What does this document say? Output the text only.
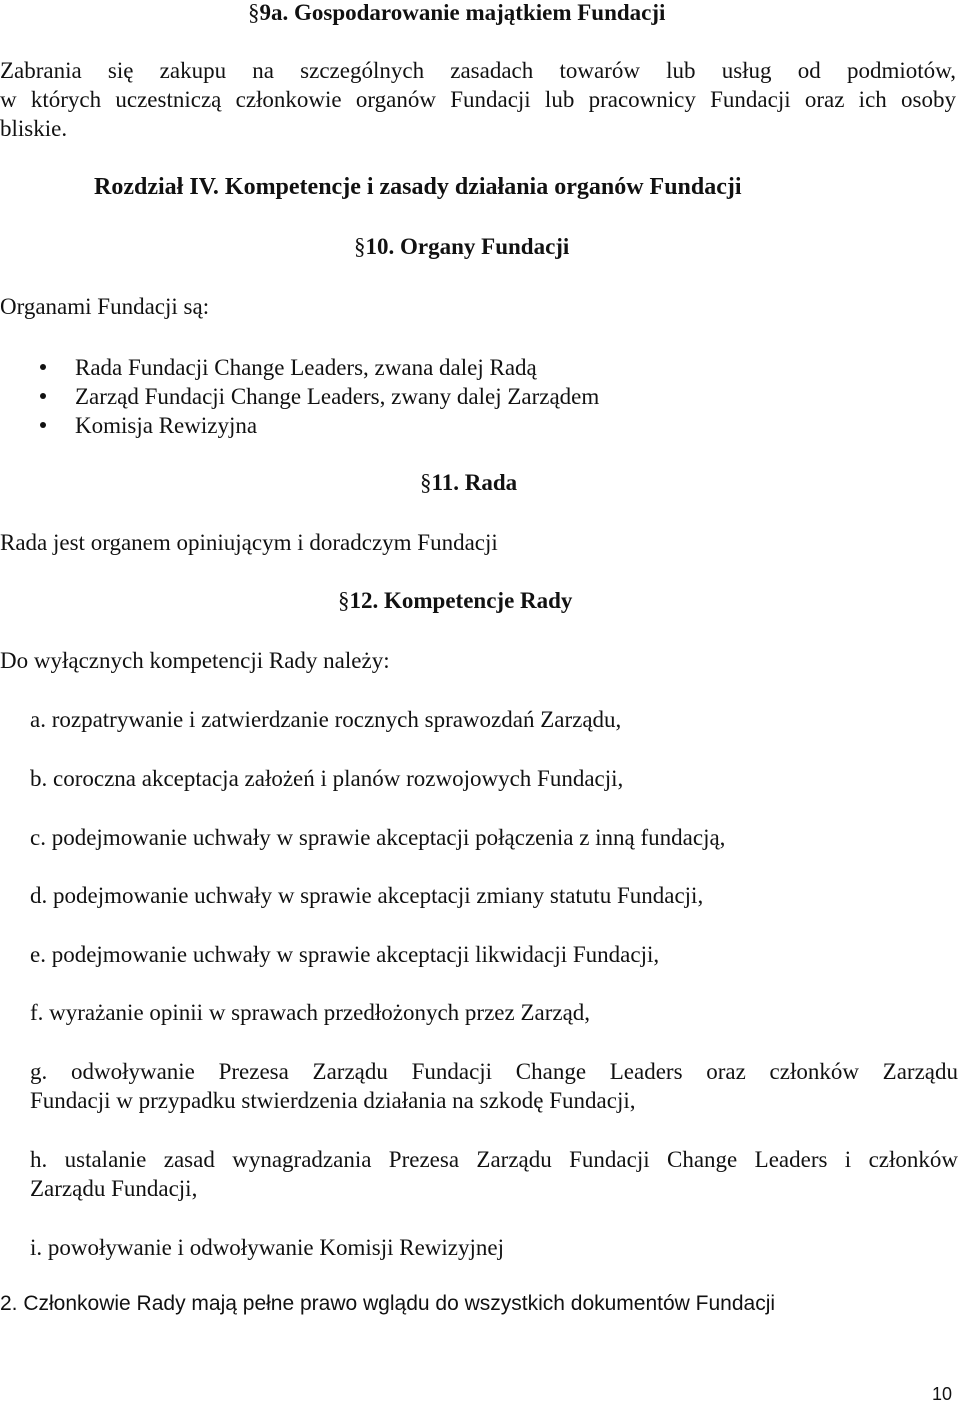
§9a. Gospodarowanie majątkiem Fundacji

Zabrania się zakupu na szczególnych zasadach towarów lub usług od podmiotów,

w których uczestniczą członkowie organów Fundacji lub pracownicy Fundacji oraz ich osoby

bliskie.

Rozdział IV. Kompetencje i zasady działania organów Fundacji
§10. Organy Fundacji
Organami Fundacji są:
Rada Fundacji Change Leaders, zwana dalej Radą
Zarząd Fundacji Change Leaders, zwany dalej Zarządem
Komisja Rewizyjna
§11. Rada
Rada jest organem opiniującym i doradczym Fundacji
§12. Kompetencje Rady
Do wyłącznych kompetencji Rady należy:

a. rozpatrywanie i zatwierdzanie rocznych sprawozdań Zarządu,

b. coroczna akceptacja założeń i planów rozwojowych Fundacji,

c. podejmowanie uchwały w sprawie akceptacji połączenia z inną fundacją,

d. podejmowanie uchwały w sprawie akceptacji zmiany statutu Fundacji,

e. podejmowanie uchwały w sprawie akceptacji likwidacji Fundacji,

f. wyrażanie opinii w sprawach przedłożonych przez Zarząd,

g. odwoływanie Prezesa Zarządu Fundacji Change Leaders oraz członków Zarządu
Fundacji w przypadku stwierdzenia działania na szkodę Fundacji,
h. ustalanie zasad wynagradzania Prezesa Zarządu Fundacji Change Leaders i członków
Zarządu Fundacji,

i. powoływanie i odwoływanie Komisji Rewizyjnej

2. Członkowie Rady mają pełne prawo wglądu do wszystkich dokumentów Fundacji
10
